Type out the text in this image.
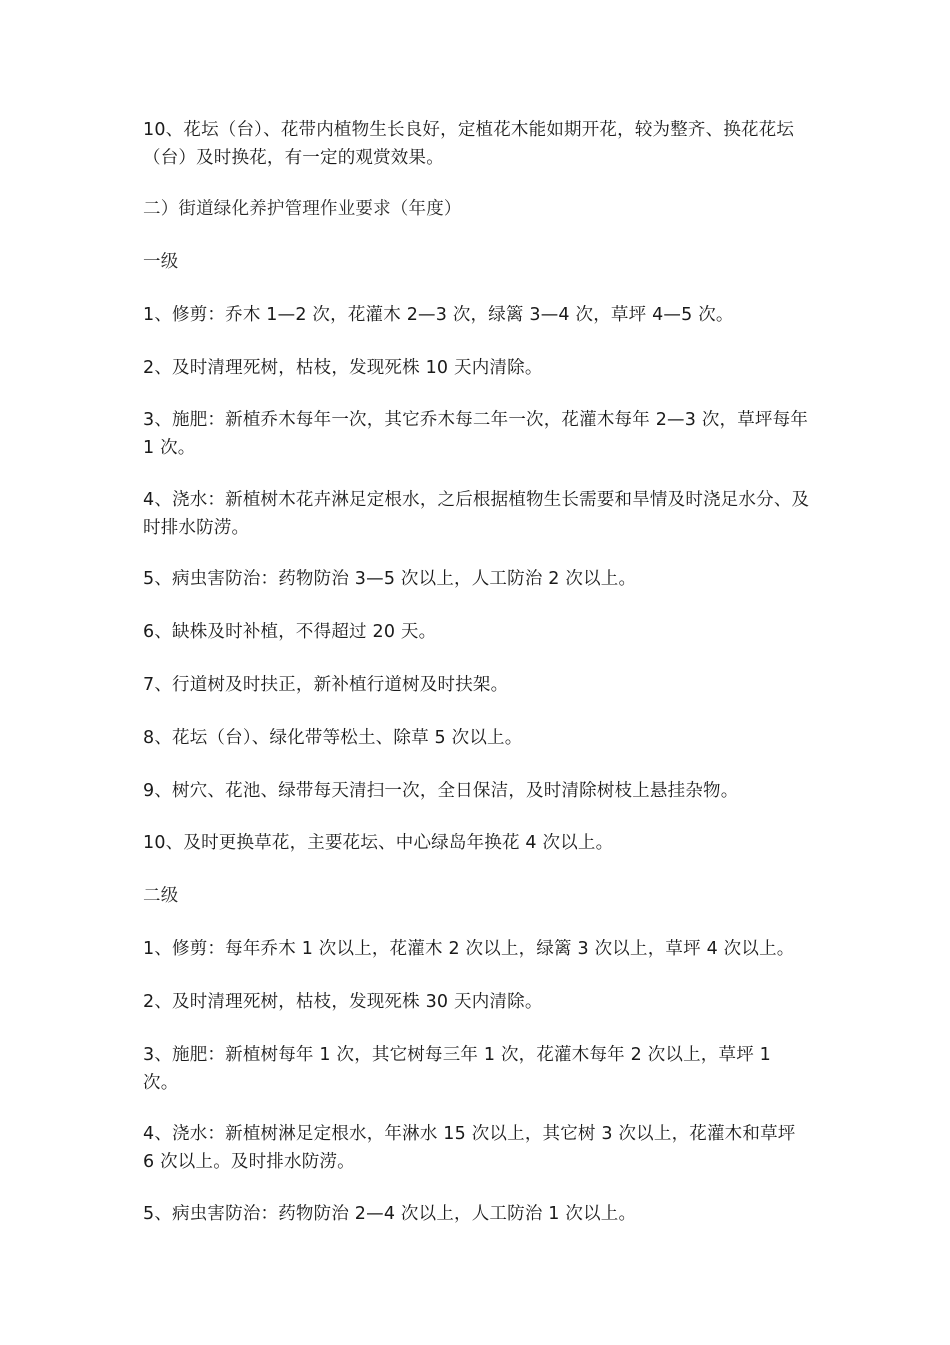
10、花坛（台）、花带内植物生长良好，定植花木能如期开花，较为整齐、换花花坛（台）及时换花，有一定的观赏效果。

二）街道绿化养护管理作业要求（年度）

一级

1、修剪：乔木 1—2 次，花灌木 2—3 次，绿篱 3—4 次，草坪 4—5 次。

2、及时清理死树，枯枝，发现死株 10 天内清除。

3、施肥：新植乔木每年一次，其它乔木每二年一次，花灌木每年 2—3 次，草坪每年 1 次。

4、浇水：新植树木花卉淋足定根水，之后根据植物生长需要和旱情及时浇足水分、及时排水防涝。

5、病虫害防治：药物防治 3—5 次以上，人工防治 2 次以上。

6、缺株及时补植，不得超过 20 天。

7、行道树及时扶正，新补植行道树及时扶架。

8、花坛（台）、绿化带等松土、除草 5 次以上。

9、树穴、花池、绿带每天清扫一次，全日保洁，及时清除树枝上悬挂杂物。

10、及时更换草花，主要花坛、中心绿岛年换花 4 次以上。

二级

1、修剪：每年乔木 1 次以上，花灌木 2 次以上，绿篱 3 次以上，草坪 4 次以上。

2、及时清理死树，枯枝，发现死株 30 天内清除。

3、施肥：新植树每年 1 次，其它树每三年 1 次，花灌木每年 2 次以上，草坪 1 次。

4、浇水：新植树淋足定根水，年淋水 15 次以上，其它树 3 次以上，花灌木和草坪 6 次以上。及时排水防涝。

5、病虫害防治：药物防治 2—4 次以上，人工防治 1 次以上。
